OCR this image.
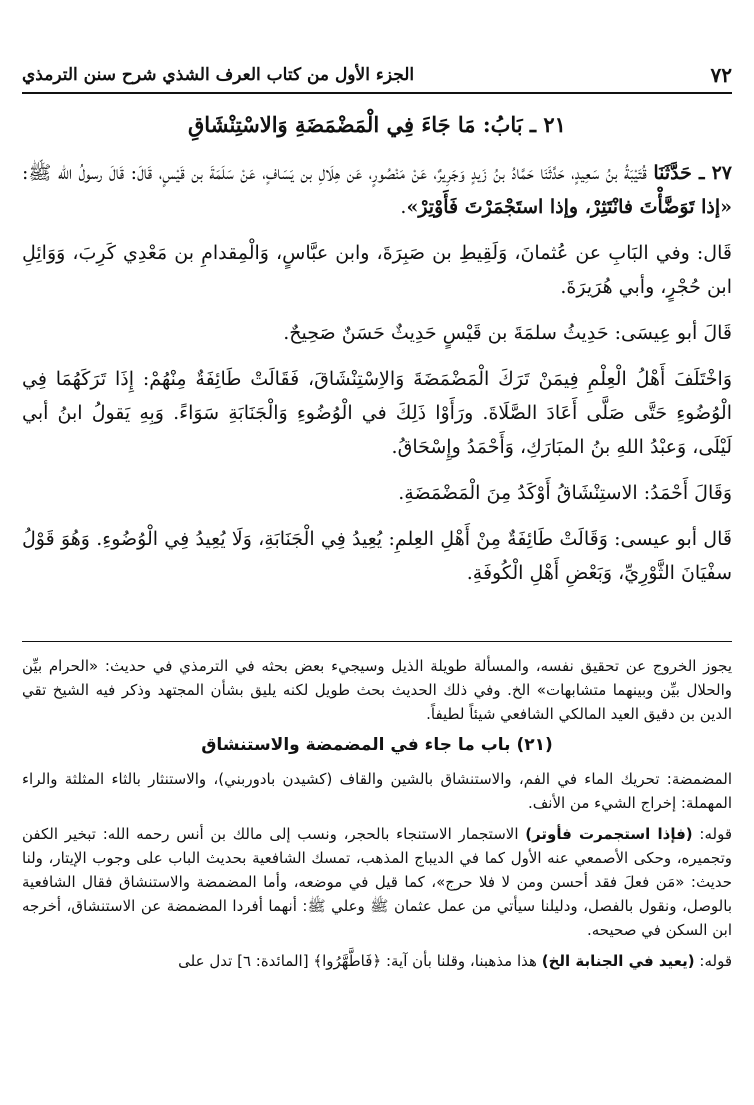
٧٢
الجزء الأول من كتاب العرف الشذي شرح سنن الترمذي
٢١ ـ بَابُ: مَا جَاءَ فِي الْمَضْمَضَةِ وَالاسْتِنْشَاقِ

٢٧ ـ حَدَّثَنَا قُتَيْبَةُ بنُ سَعِيدٍ، حَدَّثَنَا حَمَّادُ بنُ زَيدٍ وَجَرِيرٌ، عَنْ مَنْصُورٍ، عَن هِلَالِ بن يَسَافٍ، عَنْ سَلَمَةَ بن قَيْسٍ، قَالَ: قَالَ رسولُ الله ﷺ: «إذا تَوَضَّأْتَ فانْتَثِرْ، وإذا استَجْمَرْتَ فَأَوْتِرْ».

قَال: وفي البَابِ عن عُثمانَ، وَلَقِيطِ بن صَبِرَةَ، وابن عبَّاسٍ، وَالْمِقدامِ بن مَعْدِي كَرِبَ، وَوَائِلِ ابن حُجْرٍ، وأبي هُرَيرَةَ.

قَالَ أبو عِيسَى: حَدِيثُ سلمَةَ بن قَيْسٍ حَدِيثٌ حَسَنٌ صَحِيحٌ.

وَاخْتَلَفَ أَهْلُ الْعِلْمِ فِيمَنْ تَرَكَ الْمَضْمَضَةَ وَالاِسْتِنْشَاقَ، فَقَالَتْ طَائِفَةٌ مِنْهُمْ: إِذَا تَرَكَهُمَا فِي الْوُضُوءِ حَتَّى صَلَّى أَعَادَ الصَّلَاةَ. ورَأَوْا ذَلِكَ في الْوُضُوءِ وَالْجَنَابَةِ سَوَاءً. وَبِهِ يَقولُ ابنُ أبي لَيْلَى، وَعبْدُ اللهِ بنُ المبَارَكِ، وَأَحْمَدُ وإِسْحَاقُ.

وَقَالَ أَحْمَدُ: الاستِنْشَاقُ أَوْكَدُ مِنَ الْمَضْمَضَةِ.

قَال أبو عيسى: وَقَالَتْ طَائِفَةٌ مِنْ أَهْلِ العِلمِ: يُعِيدُ فِي الْجَنَابَةِ، وَلَا يُعِيدُ فِي الْوُضُوءِ. وَهُوَ قَوْلُ سفْيَانَ الثَّوْرِيِّ، وَبَعْضِ أَهْلِ الْكُوفَةِ.

يجوز الخروج عن تحقيق نفسه، والمسألة طويلة الذيل وسيجيء بعض بحثه في الترمذي في حديث: «الحرام بيِّن والحلال بيِّن وبينهما متشابهات» الخ. وفي ذلك الحديث بحث طويل لكنه يليق بشأن المجتهد وذكر فيه الشيخ تقي الدين بن دقيق العيد المالكي الشافعي شيئاً لطيفاً.

(٢١) باب ما جاء في المضمضة والاستنشاق

المضمضة: تحريك الماء في الفم، والاستنشاق بالشين والقاف (كشيدن بادوربني)، والاستنثار بالثاء المثلثة والراء المهملة: إخراج الشيء من الأنف.

قوله: (فإذا استجمرت فأوتر) الاستجمار الاستنجاء بالحجر، ونسب إلى مالك بن أنس رحمه الله: تبخير الكفن وتجميره، وحكى الأصمعي عنه الأول كما في الديباج المذهب، تمسك الشافعية بحديث الباب على وجوب الإيتار، ولنا حديث: «مَن فعلَ فقد أحسن ومن لا فلا حرج»، كما قيل في موضعه، وأما المضمضة والاستنشاق فقال الشافعية بالوصل، ونقول بالفصل، ودليلنا سيأتي من عمل عثمان ﷺ وعلي ﷺ: أنهما أفردا المضمضة عن الاستنشاق، أخرجه ابن السكن في صحيحه.

قوله: (يعيد في الجنابة الخ) هذا مذهبنا، وقلنا بأن آية: ﴿فَاطَّهَّرُوا﴾ [المائدة: ٦] تدل على
